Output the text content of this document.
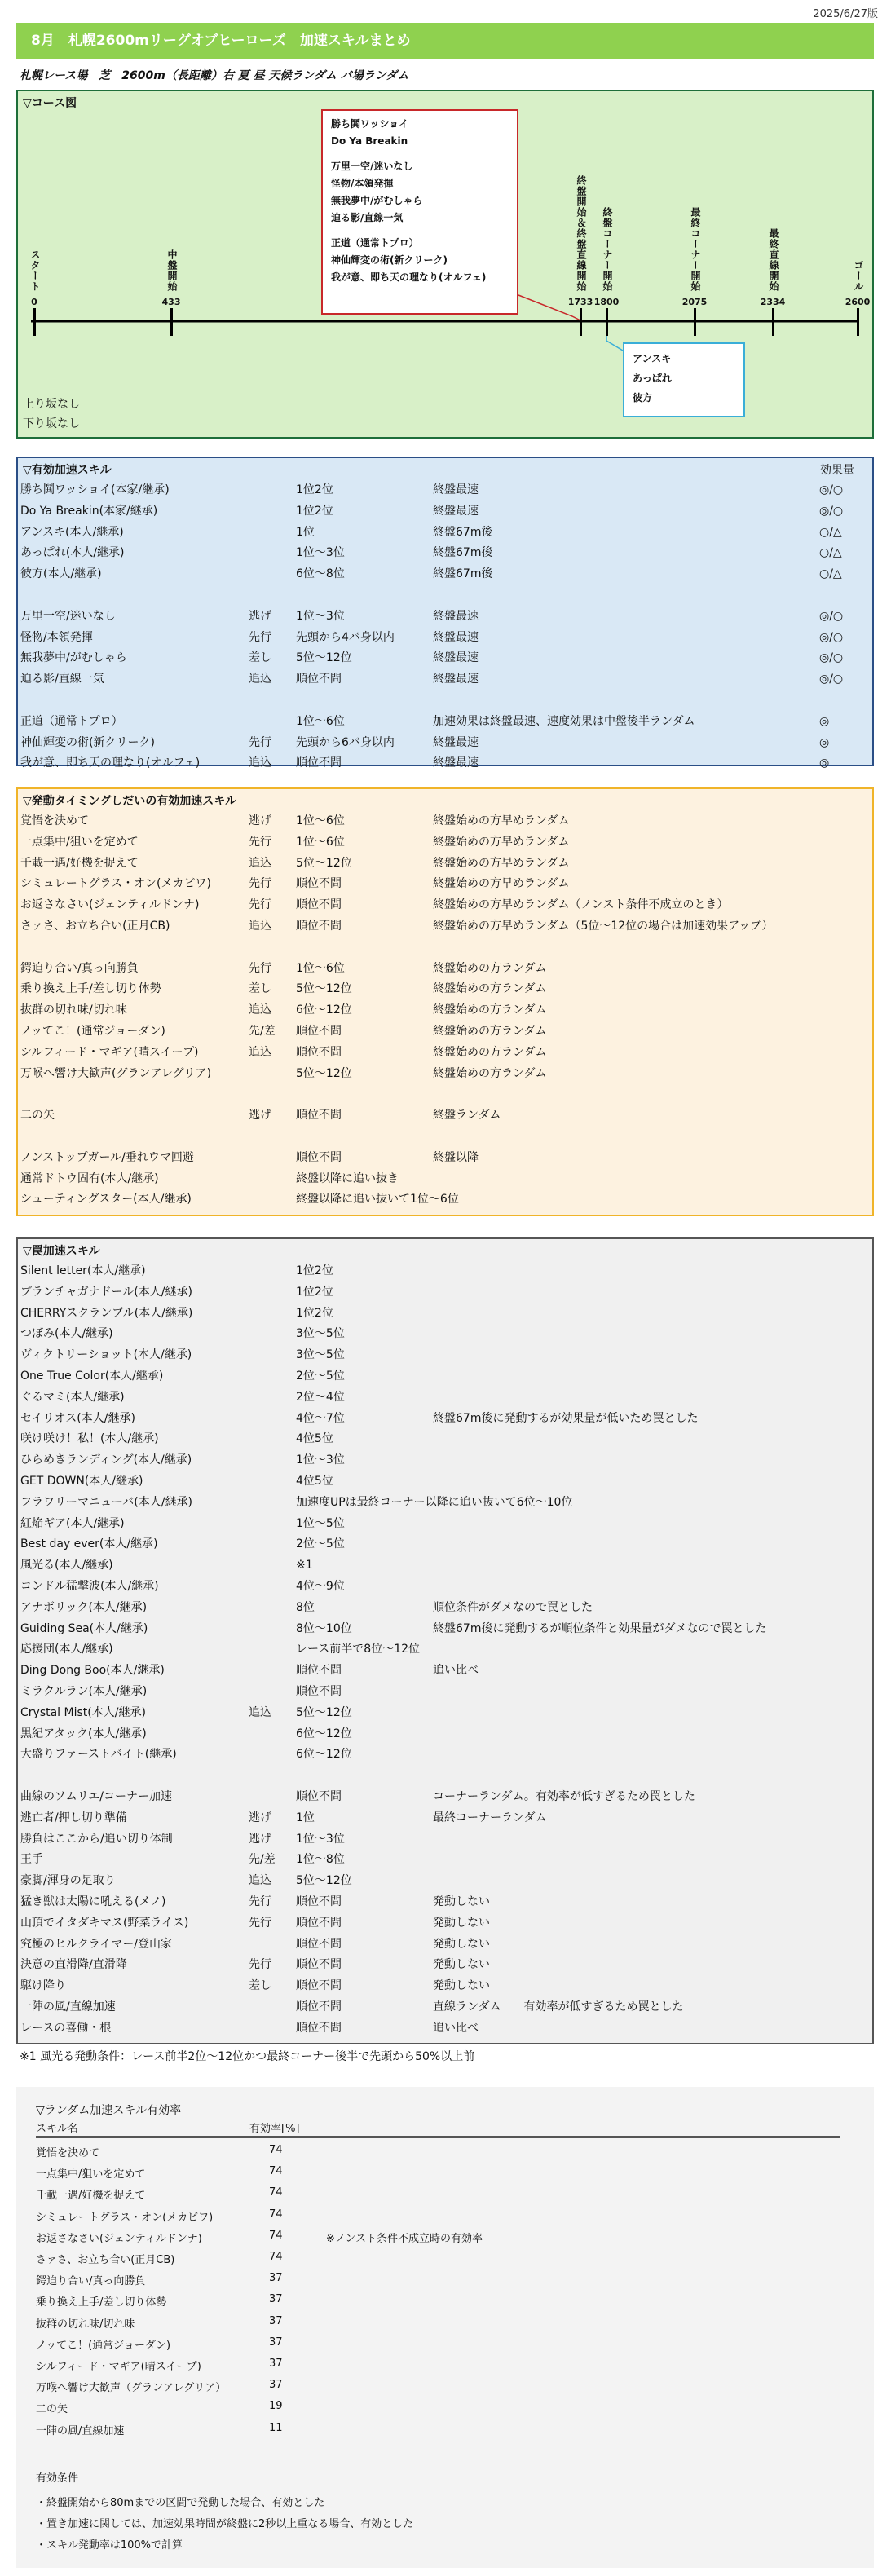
2025/6/27版
8月　札幌2600mリーグオブヒーローズ　加速スキルまとめ
札幌レース場　芝　2600m（長距離）右 夏 昼 天候ランダム バ場ランダム
▽コース図
スタート
0
中盤開始
433
終盤開始＆終盤直線開始
1733
終盤コーナー開始
1800
最終コーナー開始
2075
最終直線開始
2334
ゴール
2600
勝ち鬨ワッショイ
Do Ya Breakin
万里一空/迷いなし
怪物/本領発揮
無我夢中/がむしゃら
迫る影/直線一気
正道（通常トプロ）
神仙輝変の術(新クリーク)
我が意、即ち天の理なり(オルフェ)
アンスキ
あっぱれ
彼方
上り坂なし
下り坂なし
▽有効加速スキル	効果量
勝ち鬨ワッショイ(本家/継承)	1位2位	終盤最速	◎/○
Do Ya Breakin(本家/継承)	1位2位	終盤最速	◎/○
アンスキ(本人/継承)	1位	終盤67m後	○/△
あっぱれ(本人/継承)	1位～3位	終盤67m後	○/△
彼方(本人/継承)	6位～8位	終盤67m後	○/△
万里一空/迷いなし	逃げ 1位～3位	終盤最速	◎/○
怪物/本領発揮	先行 先頭から4バ身以内	終盤最速	◎/○
無我夢中/がむしゃら	差し 5位～12位	終盤最速	◎/○
迫る影/直線一気	追込 順位不問	終盤最速	◎/○
正道（通常トプロ）	1位～6位	加速効果は終盤最速、速度効果は中盤後半ランダム	◎
神仙輝変の術(新クリーク)	先行 先頭から6バ身以内	終盤最速	◎
我が意、即ち天の理なり(オルフェ)	追込 順位不問	終盤最速	◎
▽発動タイミングしだいの有効加速スキル
覚悟を決めて	逃げ 1位～6位	終盤始めの方早めランダム
一点集中/狙いを定めて	先行 1位～6位	終盤始めの方早めランダム
千載一遇/好機を捉えて	追込 5位～12位	終盤始めの方早めランダム
シミュレートグラス・オン(メカビワ)	先行 順位不問	終盤始めの方早めランダム
お返さなさい(ジェンティルドンナ)	先行 順位不問	終盤始めの方早めランダム（ノンスト条件不成立のとき）
さァさ、お立ち合い(正月CB)	追込 順位不問	終盤始めの方早めランダム（5位～12位の場合は加速効果アップ）
鍔迫り合い/真っ向勝負	先行 1位～6位	終盤始めの方ランダム
乗り換え上手/差し切り体勢	差し 5位～12位	終盤始めの方ランダム
抜群の切れ味/切れ味	追込 6位～12位	終盤始めの方ランダム
ノッてこ！(通常ジョーダン)	先/差 順位不問	終盤始めの方ランダム
シルフィード・マギア(晴スイープ)	追込 順位不問	終盤始めの方ランダム
万喉へ響け大歓声(グランアレグリア)	5位～12位	終盤始めの方ランダム
二の矢	逃げ 順位不問	終盤ランダム
ノンストップガール/垂れウマ回避	順位不問	終盤以降
通常ドトウ固有(本人/継承)	終盤以降に追い抜き
シューティングスター(本人/継承)	終盤以降に追い抜いて1位～6位
▽罠加速スキル
Silent letter(本人/継承)	1位2位
ブランチャガナドール(本人/継承)	1位2位
CHERRYスクランブル(本人/継承)	1位2位
つぼみ(本人/継承)	3位～5位
ヴィクトリーショット(本人/継承)	3位～5位
One True Color(本人/継承)	2位～5位
ぐるマミ(本人/継承)	2位～4位
セイリオス(本人/継承)	4位～7位	終盤67m後に発動するが効果量が低いため罠とした
咲け咲け！私！(本人/継承)	4位5位
ひらめきランディング(本人/継承)	1位～3位
GET DOWN(本人/継承)	4位5位
フラワリーマニューバ(本人/継承)	加速度UPは最終コーナー以降に追い抜いて6位～10位
紅焔ギア(本人/継承)	1位～5位
Best day ever(本人/継承)	2位～5位
風光る(本人/継承)	※1
コンドル猛撃波(本人/継承)	4位～9位
アナボリック(本人/継承)	8位	順位条件がダメなので罠とした
Guiding Sea(本人/継承)	8位～10位	終盤67m後に発動するが順位条件と効果量がダメなので罠とした
応援団(本人/継承)	レース前半で8位～12位
Ding Dong Boo(本人/継承)	順位不問	追い比べ
ミラクルラン(本人/継承)	順位不問
Crystal Mist(本人/継承)	追込 5位～12位
黒紀アタック(本人/継承)	6位～12位
大盛りファーストバイト(継承)	6位～12位
曲線のソムリエ/コーナー加速	順位不問	コーナーランダム。有効率が低すぎるため罠とした
逃亡者/押し切り準備	逃げ 1位	最終コーナーランダム
勝負はここから/追い切り体制	逃げ 1位～3位
王手	先/差 1位～8位
豪脚/渾身の足取り	追込 5位～12位
猛き獣は太陽に吼える(メノ)	先行 順位不問	発動しない
山頂でイタダキマス(野菜ライス)	先行 順位不問	発動しない
究極のヒルクライマー/登山家	順位不問	発動しない
決意の直滑降/直滑降	先行 順位不問	発動しない
駆け降り	差し 順位不問	発動しない
一陣の風/直線加速	順位不問	直線ランダム　　有効率が低すぎるため罠とした
レースの喜働・根	順位不問	追い比べ
※1 風光る発動条件：レース前半2位～12位かつ最終コーナー後半で先頭から50%以上前
▽ランダム加速スキル有効率
スキル名	有効率[%]
覚悟を決めて	74
一点集中/狙いを定めて	74
千載一遇/好機を捉えて	74
シミュレートグラス・オン(メカビワ)	74
お返さなさい(ジェンティルドンナ)	74	※ノンスト条件不成立時の有効率
さァさ、お立ち合い(正月CB)	74
鍔迫り合い/真っ向勝負	37
乗り換え上手/差し切り体勢	37
抜群の切れ味/切れ味	37
ノッてこ！(通常ジョーダン)	37
シルフィード・マギア(晴スイープ)	37
万喉へ響け大歓声（グランアレグリア）	37
二の矢	19
一陣の風/直線加速	11
有効条件
・終盤開始から80mまでの区間で発動した場合、有効とした
・置き加速に関しては、加速効果時間が終盤に2秒以上重なる場合、有効とした
・スキル発動率は100%で計算
